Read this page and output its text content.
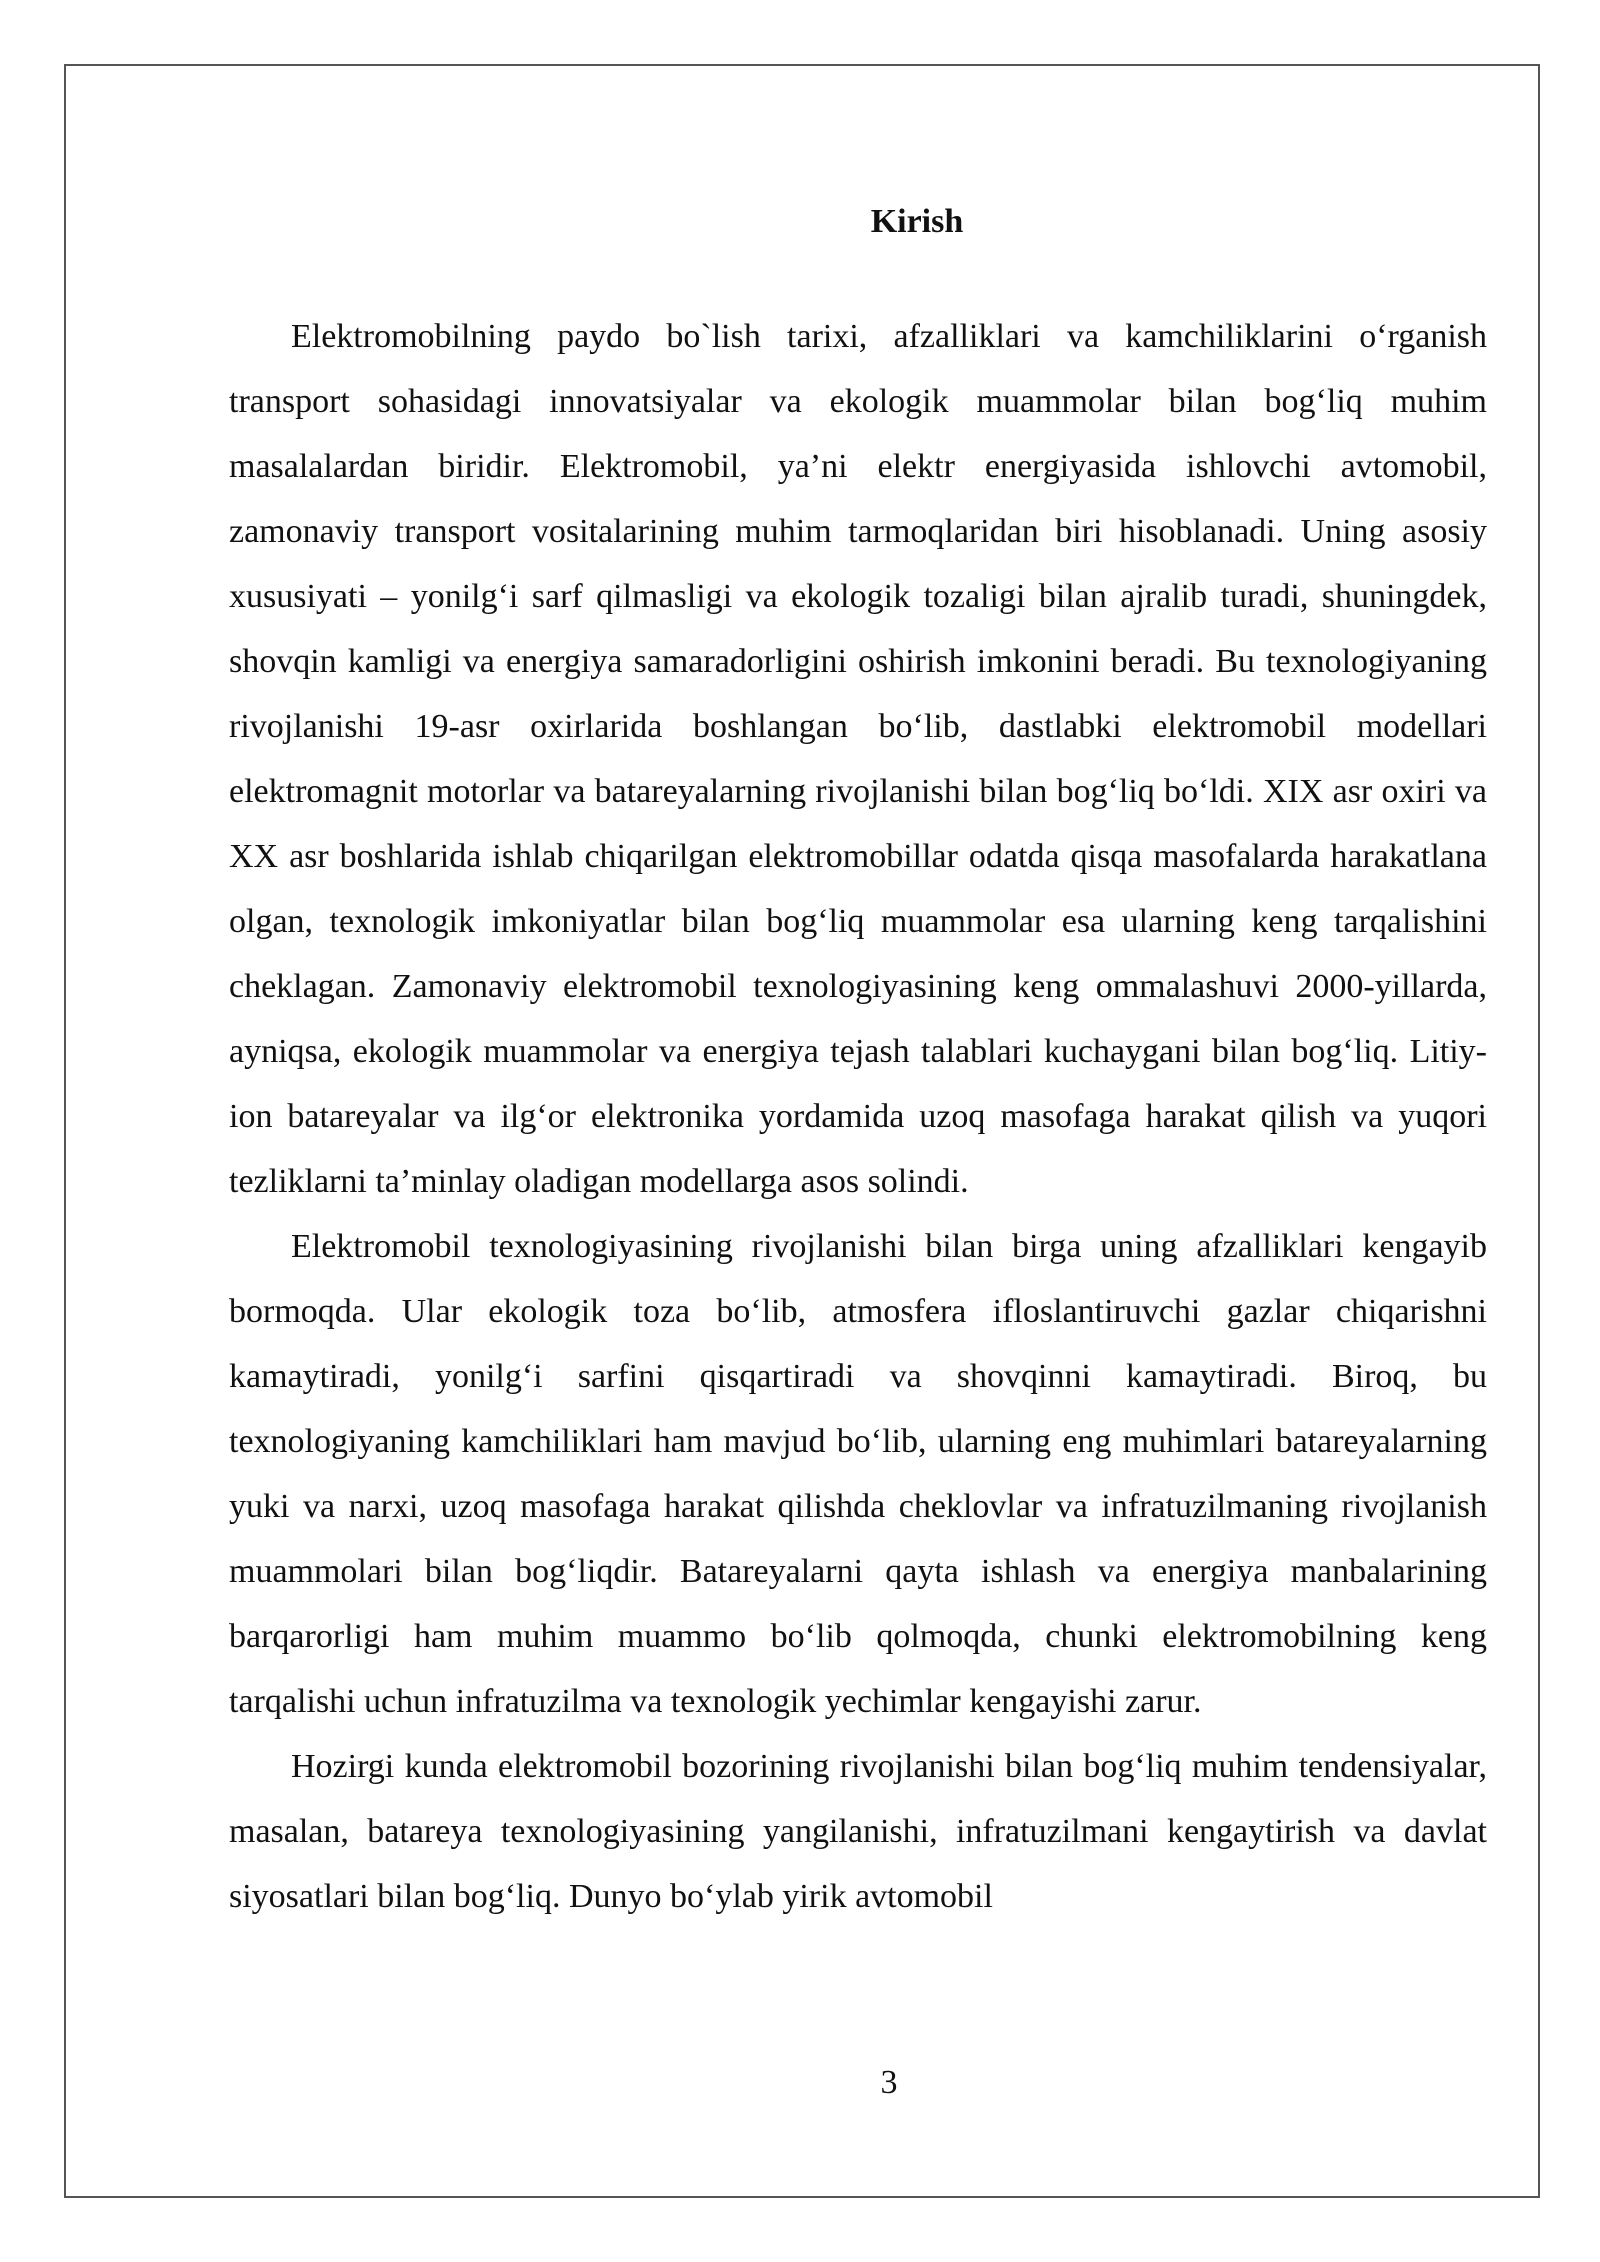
Kirish

Elektromobilning paydo bo`lish tarixi, afzalliklari va kamchiliklarini o‘rganish transport sohasidagi innovatsiyalar va ekologik muammolar bilan bog‘liq muhim masalalardan biridir. Elektromobil, ya’ni elektr energiyasida ishlovchi avtomobil, zamonaviy transport vositalarining muhim tarmoqlaridan biri hisoblanadi. Uning asosiy xususiyati – yonilg‘i sarf qilmasligi va ekologik tozaligi bilan ajralib turadi, shuningdek, shovqin kamligi va energiya samaradorligini oshirish imkonini beradi. Bu texnologiyaning rivojlanishi 19-asr oxirlarida boshlangan bo‘lib, dastlabki elektromobil modellari elektromagnit motorlar va batareyalarning rivojlanishi bilan bog‘liq bo‘ldi. XIX asr oxiri va XX asr boshlarida ishlab chiqarilgan elektromobillar odatda qisqa masofalarda harakatlana olgan, texnologik imkoniyatlar bilan bog‘liq muammolar esa ularning keng tarqalishini cheklagan. Zamonaviy elektromobil texnologiyasining keng ommalashuvi 2000-yillarda, ayniqsa, ekologik muammolar va energiya tejash talablari kuchaygani bilan bog‘liq. Litiy-ion batareyalar va ilg‘or elektronika yordamida uzoq masofaga harakat qilish va yuqori tezliklarni ta’minlay oladigan modellarga asos solindi.

Elektromobil texnologiyasining rivojlanishi bilan birga uning afzalliklari kengayib bormoqda. Ular ekologik toza bo‘lib, atmosfera ifloslantiruvchi gazlar chiqarishni kamaytiradi, yonilg‘i sarfini qisqartiradi va shovqinni kamaytiradi. Biroq, bu texnologiyaning kamchiliklari ham mavjud bo‘lib, ularning eng muhimlari batareyalarning yuki va narxi, uzoq masofaga harakat qilishda cheklovlar va infratuzilmaning rivojlanish muammolari bilan bog‘liqdir. Batareyalarni qayta ishlash va energiya manbalarining barqarorligi ham muhim muammo bo‘lib qolmoqda, chunki elektromobilning keng tarqalishi uchun infratuzilma va texnologik yechimlar kengayishi zarur.

Hozirgi kunda elektromobil bozorining rivojlanishi bilan bog‘liq muhim tendensiyalar, masalan, batareya texnologiyasining yangilanishi, infratuzilmani kengaytirish va davlat siyosatlari bilan bog‘liq. Dunyo bo‘ylab yirik avtomobil

3
